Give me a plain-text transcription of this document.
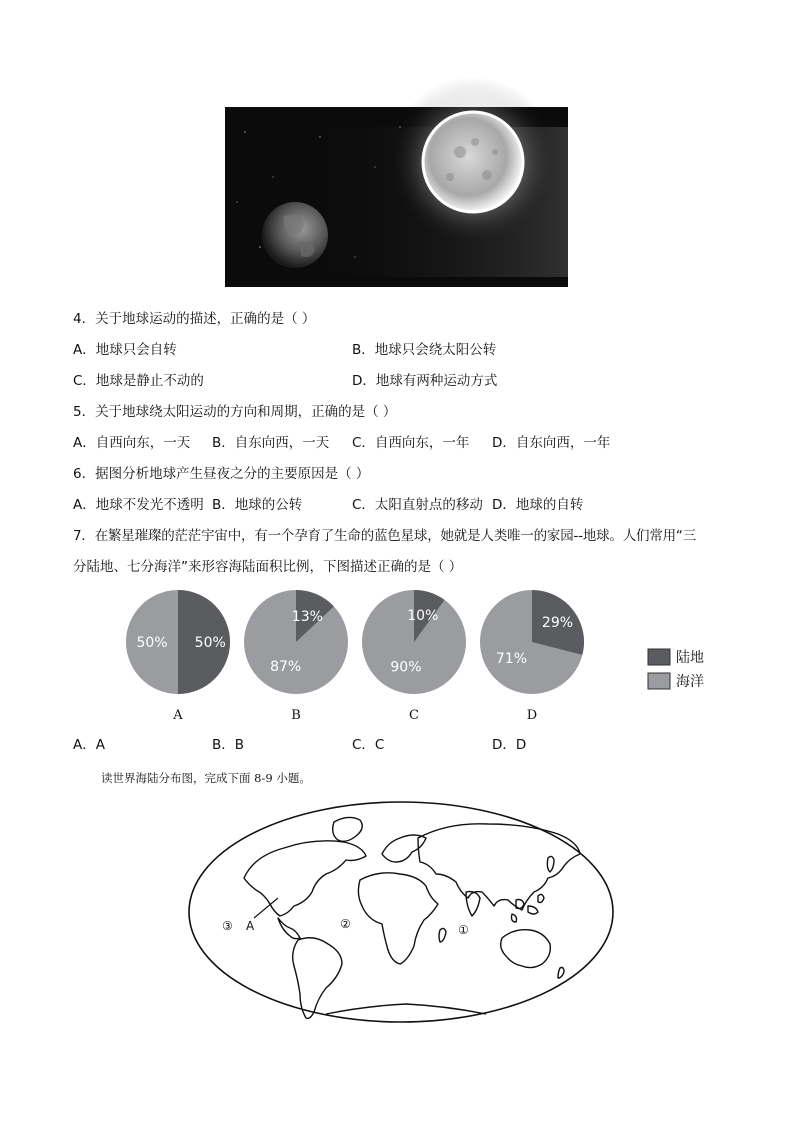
4．关于地球运动的描述，正确的是（ ）
A．地球只会自转	B．地球只会绕太阳公转
C．地球是静止不动的	D．地球有两种运动方式
5．关于地球绕太阳运动的方向和周期，正确的是（ ）
A．自西向东，一天 B．自东向西，一天 C．自西向东，一年 D．自东向西，一年
6．据图分析地球产生昼夜之分的主要原因是（ ）
A．地球不发光不透明 B．地球的公转	C．太阳直射点的移动 D．地球的自转
7．在繁星璀璨的茫茫宇宙中，有一个孕育了生命的蓝色星球，她就是人类唯一的家园--地球。人们常用“三
分陆地、七分海洋”来形容海陆面积比例，下图描述正确的是（ ）
50%
50%
A
13%
87%
B
10%
90%
C
29%
71%
D
陆地
海洋
A．A	B．B	C．C	D．D
读世界海陆分布图，完成下面 8-9 小题。
③ A	②	①
